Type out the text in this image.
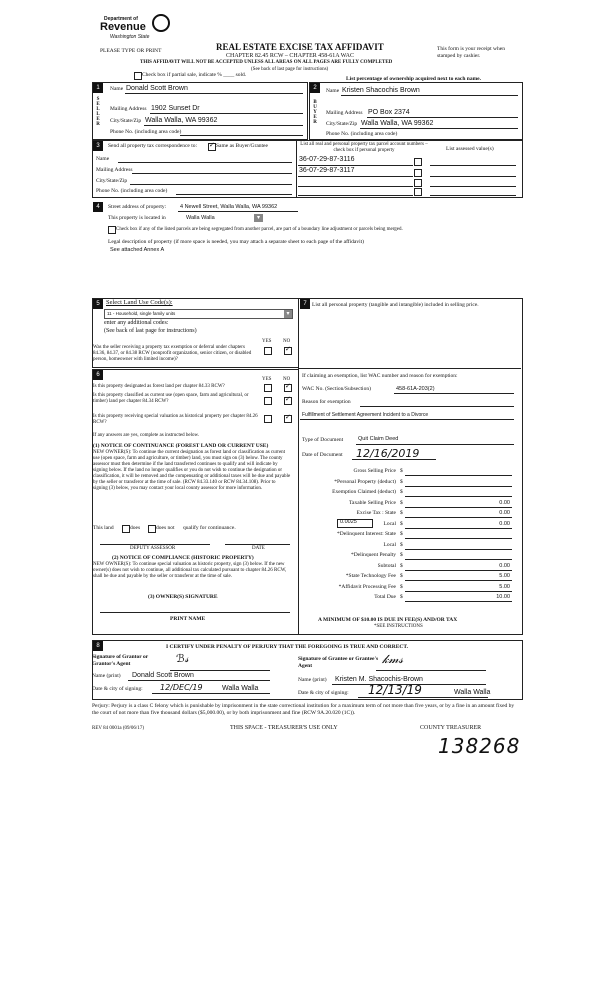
Department of
Revenue
Washington State
PLEASE TYPE OR PRINT	REAL ESTATE EXCISE TAX AFFIDAVIT
CHAPTER 82.45 RCW – CHAPTER 458-61A WAC
THIS AFFIDAVIT WILL NOT BE ACCEPTED UNLESS ALL AREAS ON ALL PAGES ARE FULLY COMPLETED
This form is your receipt when stamped by cashier.
(See back of last page for instructions)
Check box if partial sale, indicate % ____ sold.
List percentage of ownership acquired next to each name.
1
S
E
L
L
E
R
Name Donald Scott Brown
Mailing Address 1902 Sunset Dr
City/State/Zip Walla Walla, WA 99362
Phone No. (including area code)
2
B
U
Y
E
R
Name Kristen Shacochis Brown
Mailing Address PO Box 2374
City/State/Zip Walla Walla, WA 99362
Phone No. (including area code)
3	Send all property tax correspondence to:
✓	Same as Buyer/Grantee
Name
Mailing Address
City/State/Zip
Phone No. (including area code)
List all real and personal property tax parcel account numbers – check box if personal property	List assessed value(s)
36-07-29-87-3116
36-07-29-87-3117
4	Street address of property:	4 Newell Street, Walla Walla, WA 99362
This property is located in	Walla Walla	▾
Check box if any of the listed parcels are being segregated from another parcel, are part of a boundary line adjustment or parcels being merged.
Legal description of property (if more space is needed, you may attach a separate sheet to each page of the affidavit)
See attached Annex A
5 Select Land Use Code(s):
11 - Household, single family units	▾
enter any additional codes:
(See back of last page for instructions)
YES NO
Was the seller receiving a property tax exemption or deferral under chapters 84.36, 84.37, or 84.38 RCW (nonprofit organization, senior citizen, or disabled person, homeowner with limited income)?
✓
6
YES NO
Is this property designated as forest land per chapter 84.33 RCW?
✓
Is this property classified as current use (open space, farm and agricultural, or timber) land per chapter 84.34 RCW?
✓
Is this property receiving special valuation as historical property per chapter 84.26 RCW?
✓
If any answers are yes, complete as instructed below.
(1) NOTICE OF CONTINUANCE (FOREST LAND OR CURRENT USE)
NEW OWNER(S): To continue the current designation as forest land or classification as current use (open space, farm and agriculture, or timber) land, you must sign on (3) below. The county assessor must then determine if the land transferred continues to qualify and will indicate by signing below. If the land no longer qualifies or you do not wish to continue the designation or classification, it will be removed and the compensating or additional taxes will be due and payable by the seller or transferor at the time of sale. (RCW 84.33.140 or RCW 84.34.108). Prior to signing (3) below, you may contact your local county assessor for more information.
This land	does	does not qualify for continuance.
DEPUTY ASSESSOR	DATE
(2) NOTICE OF COMPLIANCE (HISTORIC PROPERTY)
NEW OWNER(S): To continue special valuation as historic property, sign (3) below. If the new owner(s) does not wish to continue, all additional tax calculated pursuant to chapter 84.26 RCW, shall be due and payable by the seller or transferor at the time of sale.
(3) OWNER(S) SIGNATURE
PRINT NAME
7 List all personal property (tangible and intangible) included in selling price.
If claiming an exemption, list WAC number and reason for exemption:
WAC No. (Section/Subsection)	458-61A-203(2)
Reason for exemption
Fulfillment of Settlement Agreement Incident to a Divorce
Type of Document	Quit Claim Deed
Date of Document 12/16/2019
Gross Selling Price $
*Personal Property (deduct) $
Exemption Claimed (deduct) $
Taxable Selling Price $	0.00
Excise Tax : State $	0.00
Local $	0.00
*Delinquent Interest: State $
Local $
*Delinquent Penalty $
Subtotal $	0.00
*State Technology Fee $	5.00
*Affidavit Processing Fee $	5.00
Total Due $	10.00
0.0025
A MINIMUM OF $10.00 IS DUE IN FEE(S) AND/OR TAX
*SEE INSTRUCTIONS
8	I CERTIFY UNDER PENALTY OF PERJURY THAT THE FOREGOING IS TRUE AND CORRECT.
Signature of Grantor or Grantor's Agent	ℬ𝓈	Signature of Grantee or Grantee's Agent	𝓀𝓂𝓈
Name (print) Donald Scott Brown
Name (print) Kristen M. Shacochis-Brown
Date & city of signing: 12/DEC/19	Walla Walla
Date & city of signing: 12/13/19	Walla Walla
Perjury: Perjury is a class C felony which is punishable by imprisonment in the state correctional institution for a maximum term of not more than five years, or by a fine in an amount fixed by the court of not more than five thousand dollars ($5,000.00), or by both imprisonment and fine (RCW 9A.20.020 (1C)).
REV 84 0001a (09/06/17)	THIS SPACE - TREASURER'S USE ONLY	COUNTY TREASURER
138268
